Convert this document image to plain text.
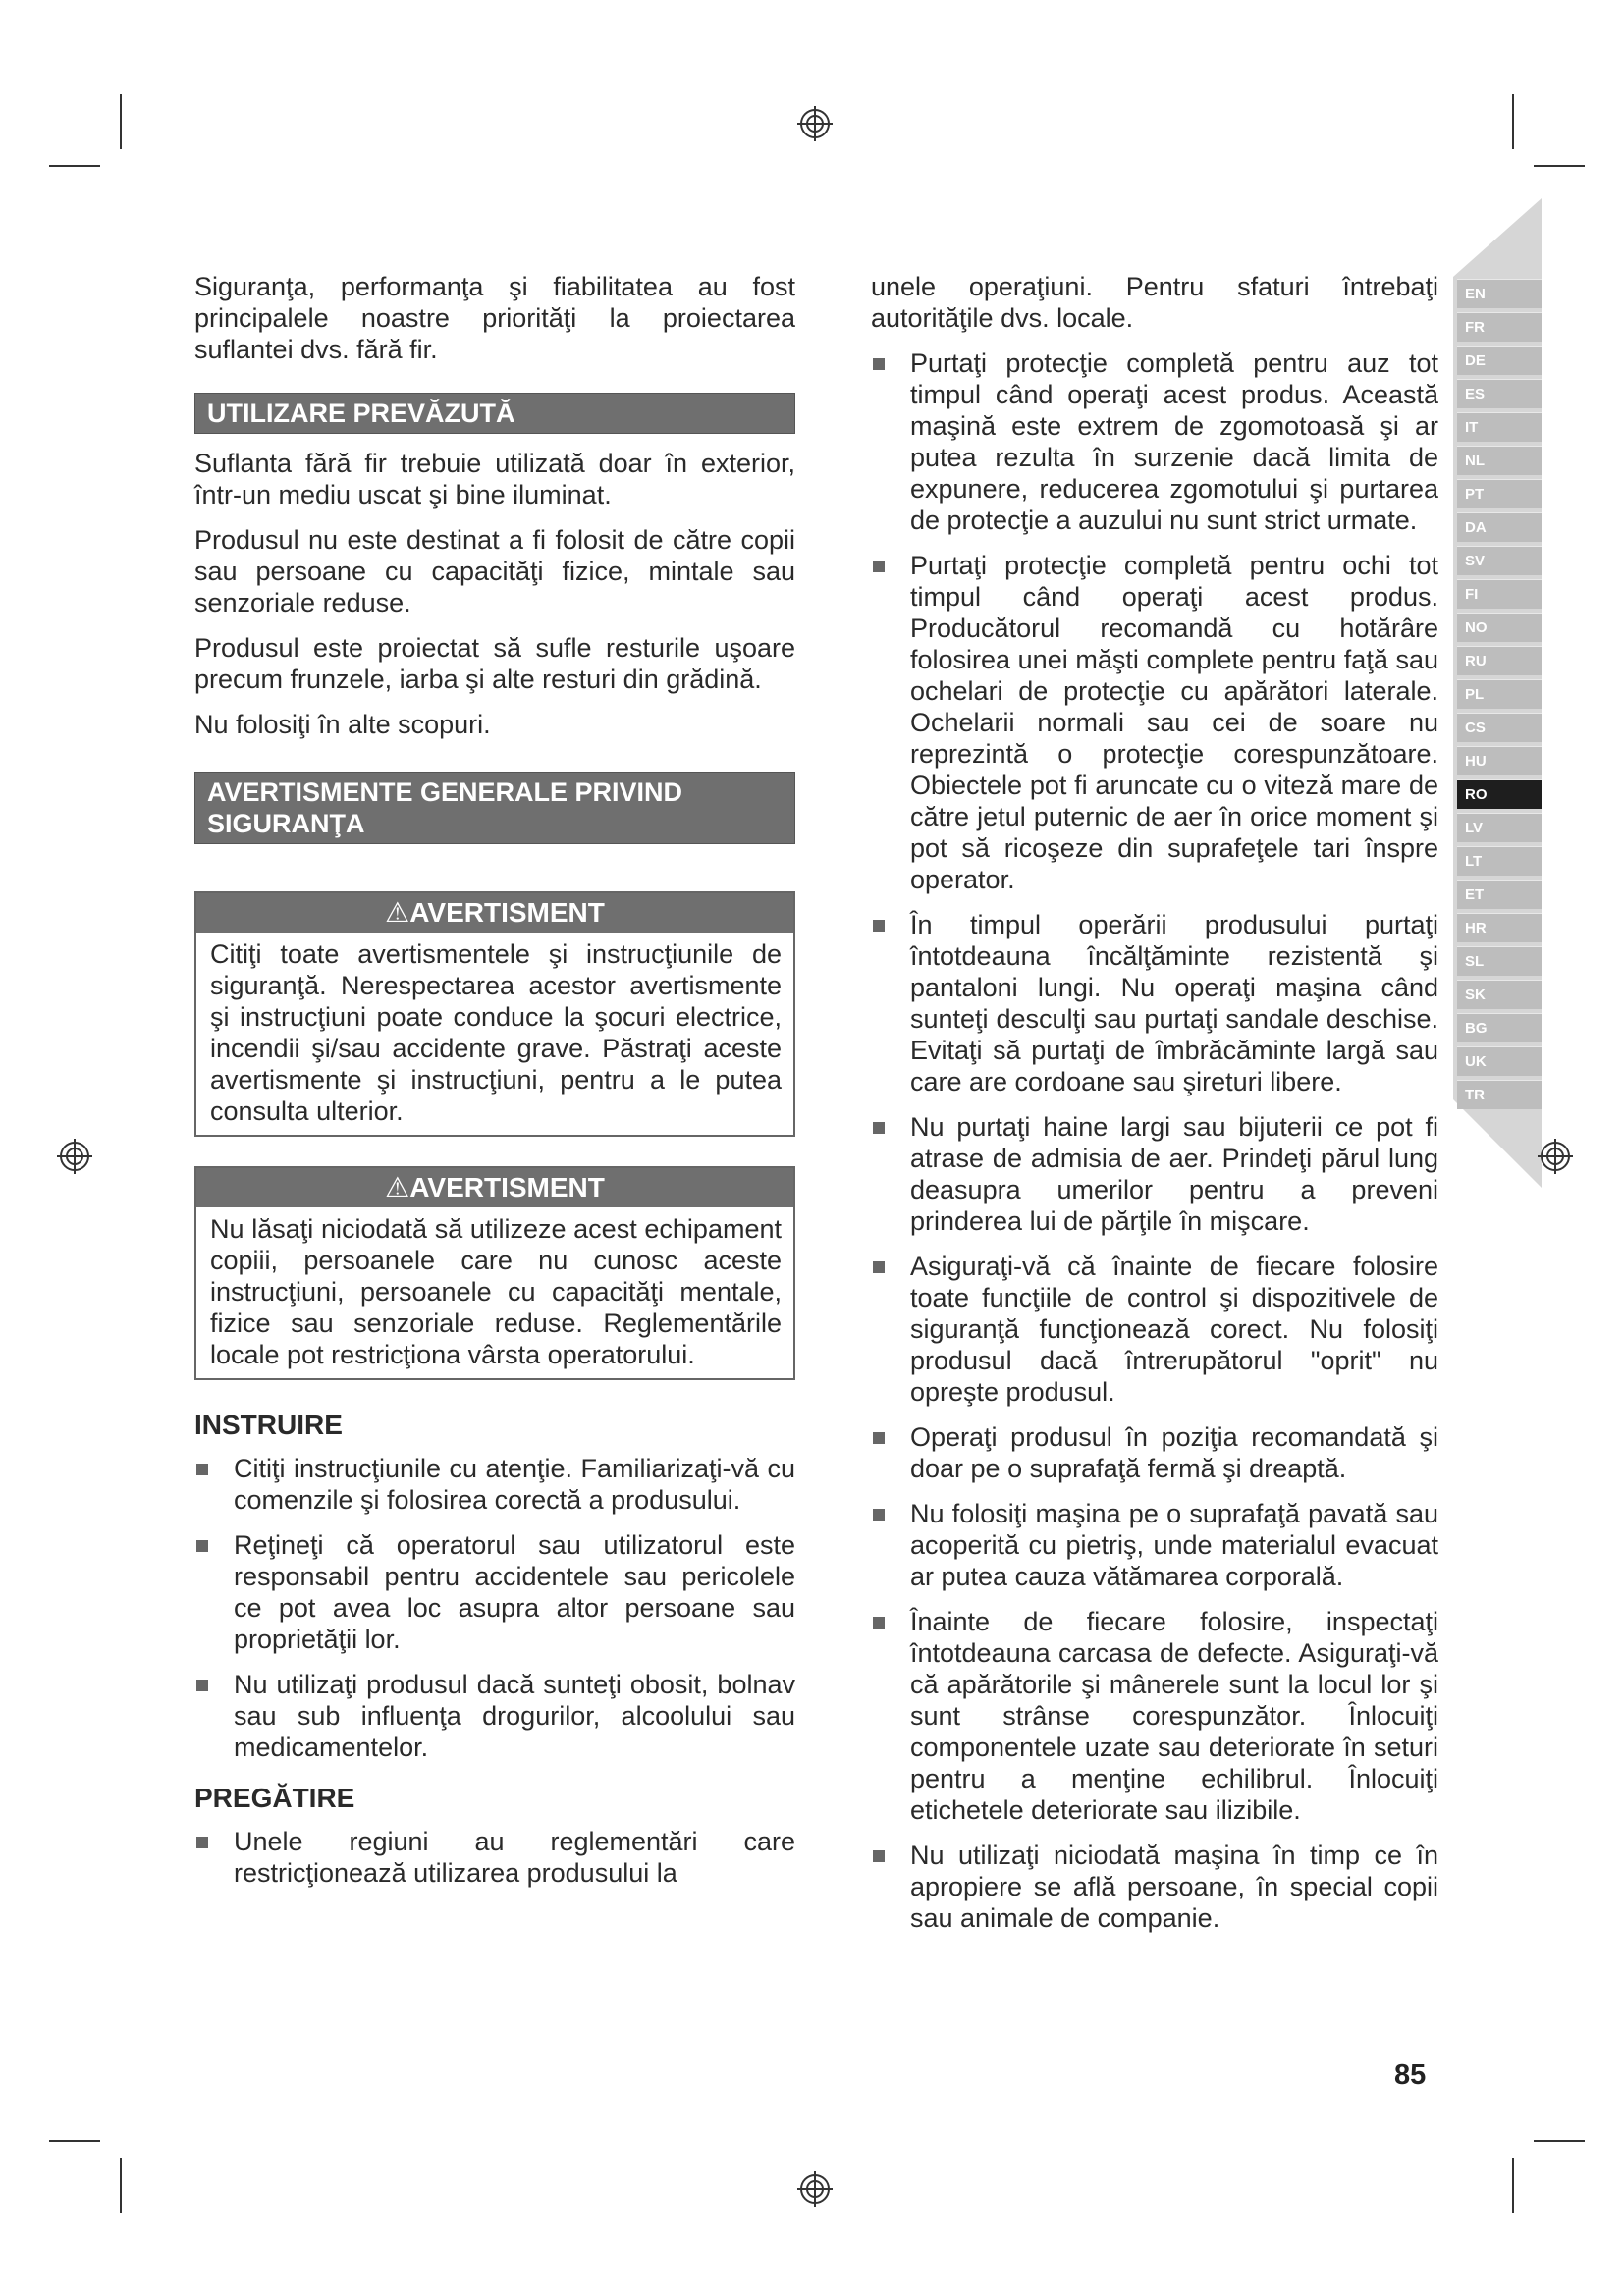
EN
FR
DE
ES
IT
NL
PT
DA
SV
FI
NO
RU
PL
CS
HU
RO
LV
LT
ET
HR
SL
SK
BG
UK
TR

Siguranţa, performanţa şi fiabilitatea au fost principalele noastre priorităţi la proiectarea suflantei dvs. fără fir.

UTILIZARE PREVĂZUTĂ

Suflanta fără fir trebuie utilizată doar în exterior, într-un mediu uscat şi bine iluminat.

Produsul nu este destinat a fi folosit de către copii sau persoane cu capacităţi fizice, mintale sau senzoriale reduse.

Produsul este proiectat să sufle resturile uşoare precum frunzele, iarba şi alte resturi din grădină.

Nu folosiţi în alte scopuri.

AVERTISMENTE GENERALE PRIVIND SIGURANŢA
⚠AVERTISMENT
Citiţi toate avertismentele şi instrucţiunile de siguranţă. Nerespectarea acestor avertismente şi instrucţiuni poate conduce la şocuri electrice, incendii şi/sau accidente grave. Păstraţi aceste avertismente şi instrucţiuni, pentru a le putea consulta ulterior.
⚠AVERTISMENT
Nu lăsaţi niciodată să utilizeze acest echipament copiii, persoanele care nu cunosc aceste instrucţiuni, persoanele cu capacităţi mentale, fizice sau senzoriale reduse. Reglementările locale pot restricţiona vârsta operatorului.
INSTRUIRE
Citiţi instrucţiunile cu atenţie. Familiarizaţi-vă cu comenzile şi folosirea corectă a produsului.
Reţineţi că operatorul sau utilizatorul este responsabil pentru accidentele sau pericolele ce pot avea loc asupra altor persoane sau proprietăţii lor.
Nu utilizaţi produsul dacă sunteţi obosit, bolnav sau sub influenţa drogurilor, alcoolului sau medicamentelor.
PREGĂTIRE
Unele regiuni au reglementări care restricţionează utilizarea produsului la

unele operaţiuni. Pentru sfaturi întrebaţi autorităţile dvs. locale.

Purtaţi protecţie completă pentru auz tot timpul când operaţi acest produs. Această maşină este extrem de zgomotoasă şi ar putea rezulta în surzenie dacă limita de expunere, reducerea zgomotului şi purtarea de protecţie a auzului nu sunt strict urmate.
Purtaţi protecţie completă pentru ochi tot timpul când operaţi acest produs. Producătorul recomandă cu hotărâre folosirea unei măşti complete pentru faţă sau ochelari de protecţie cu apărători laterale. Ochelarii normali sau cei de soare nu reprezintă o protecţie corespunzătoare. Obiectele pot fi aruncate cu o viteză mare de către jetul puternic de aer în orice moment şi pot să ricoşeze din suprafeţele tari înspre operator.
În timpul operării produsului purtaţi întotdeauna încălţăminte rezistentă şi pantaloni lungi. Nu operaţi maşina când sunteţi desculţi sau purtaţi sandale deschise. Evitaţi să purtaţi de îmbrăcăminte largă sau care are cordoane sau şireturi libere.
Nu purtaţi haine largi sau bijuterii ce pot fi atrase de admisia de aer. Prindeţi părul lung deasupra umerilor pentru a preveni prinderea lui de părţile în mişcare.
Asiguraţi-vă că înainte de fiecare folosire toate funcţiile de control şi dispozitivele de siguranţă funcţionează corect. Nu folosiţi produsul dacă întrerupătorul "oprit" nu opreşte produsul.
Operaţi produsul în poziţia recomandată şi doar pe o suprafaţă fermă şi dreaptă.
Nu folosiţi maşina pe o suprafaţă pavată sau acoperită cu pietriş, unde materialul evacuat ar putea cauza vătămarea corporală.
Înainte de fiecare folosire, inspectaţi întotdeauna carcasa de defecte. Asiguraţi-vă că apărătorile şi mânerele sunt la locul lor şi sunt strânse corespunzător. Înlocuiţi componentele uzate sau deteriorate în seturi pentru a menţine echilibrul. Înlocuiţi etichetele deteriorate sau ilizibile.
Nu utilizaţi niciodată maşina în timp ce în apropiere se află persoane, în special copii sau animale de companie.
85
